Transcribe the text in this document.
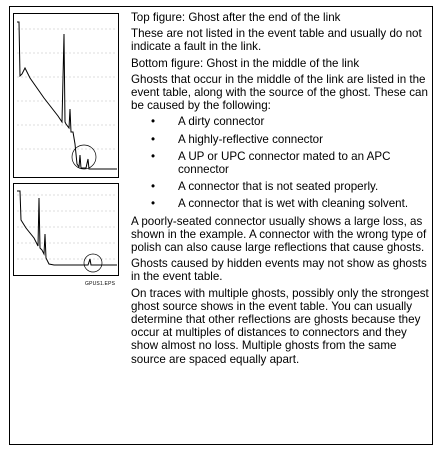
GPUS1.EPS

Top figure: Ghost after the end of the link

These are not listed in the event table and usually do not indicate a fault in the link.

Bottom figure: Ghost in the middle of the link

Ghosts that occur in the middle of the link are listed in the event table, along with the source of the ghost. These can be caused by the following:

• A dirty connector
• A highly-reflective connector
• A UP or UPC connector mated to an APC connector
• A connector that is not seated properly.
• A connector that is wet with cleaning solvent.

A poorly-seated connector usually shows a large loss, as shown in the example. A connector with the wrong type of polish can also cause large reflections that cause ghosts.

Ghosts caused by hidden events may not show as ghosts in the event table.

On traces with multiple ghosts, possibly only the strongest ghost source shows in the event table. You can usually determine that other reflections are ghosts because they occur at multiples of distances to connectors and they show almost no loss. Multiple ghosts from the same source are spaced equally apart.
